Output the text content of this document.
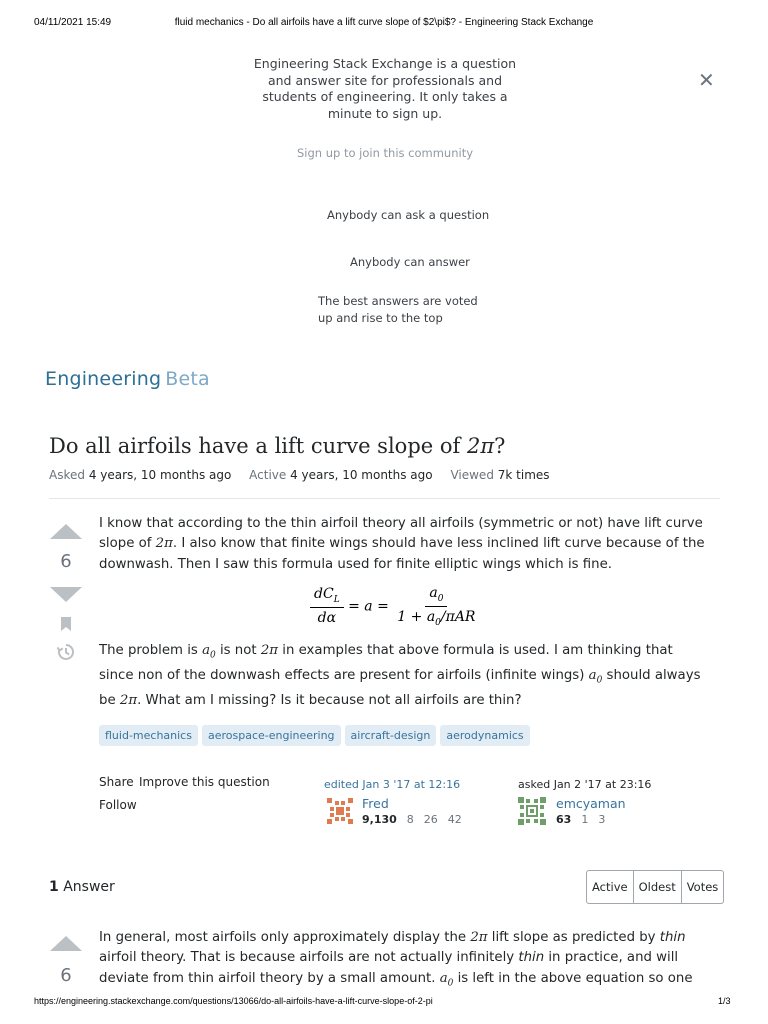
04/11/2021 15:49	fluid mechanics - Do all airfoils have a lift curve slope of $2\pi$? - Engineering Stack Exchange
Engineering Stack Exchange is a question and answer site for professionals and students of engineering. It only takes a minute to sign up.
✕
Sign up to join this community
Anybody can ask a question
Anybody can answer
The best answers are voted up and rise to the top
Engineering Beta
Do all airfoils have a lift curve slope of 2π?
Asked 4 years, 10 months ago Active 4 years, 10 months ago Viewed 7k times
6
I know that according to the thin airfoil theory all airfoils (symmetric or not) have lift curve slope of 2π. I also know that finite wings should have less inclined lift curve because of the downwash. Then I saw this formula used for finite elliptic wings which is fine.
$\frac{dC_L}{d\alpha} = a = \frac{a_0}{1 + a_0/\pi AR}$
The problem is $a_0$ is not 2π in examples that above formula is used. I am thinking that since non of the downwash effects are present for airfoils (infinite wings) $a_0$ should always be 2π. What am I missing? Is it because not all airfoils are thin?
fluid-mechanics	aerospace-engineering	aircraft-design	aerodynamics
Share Improve this question
Follow
edited Jan 3 '17 at 12:16
Fred
9,130 8 26 42
asked Jan 2 '17 at 23:16
emcyaman
63 1 3
1 Answer	Active Oldest Votes
6
In general, most airfoils only approximately display the 2π lift slope as predicted by thin airfoil theory. That is because airfoils are not actually infinitely thin in practice, and will deviate from thin airfoil theory by a small amount. $a_0$ is left in the above equation so one
https://engineering.stackexchange.com/questions/13066/do-all-airfoils-have-a-lift-curve-slope-of-2-pi	1/3
